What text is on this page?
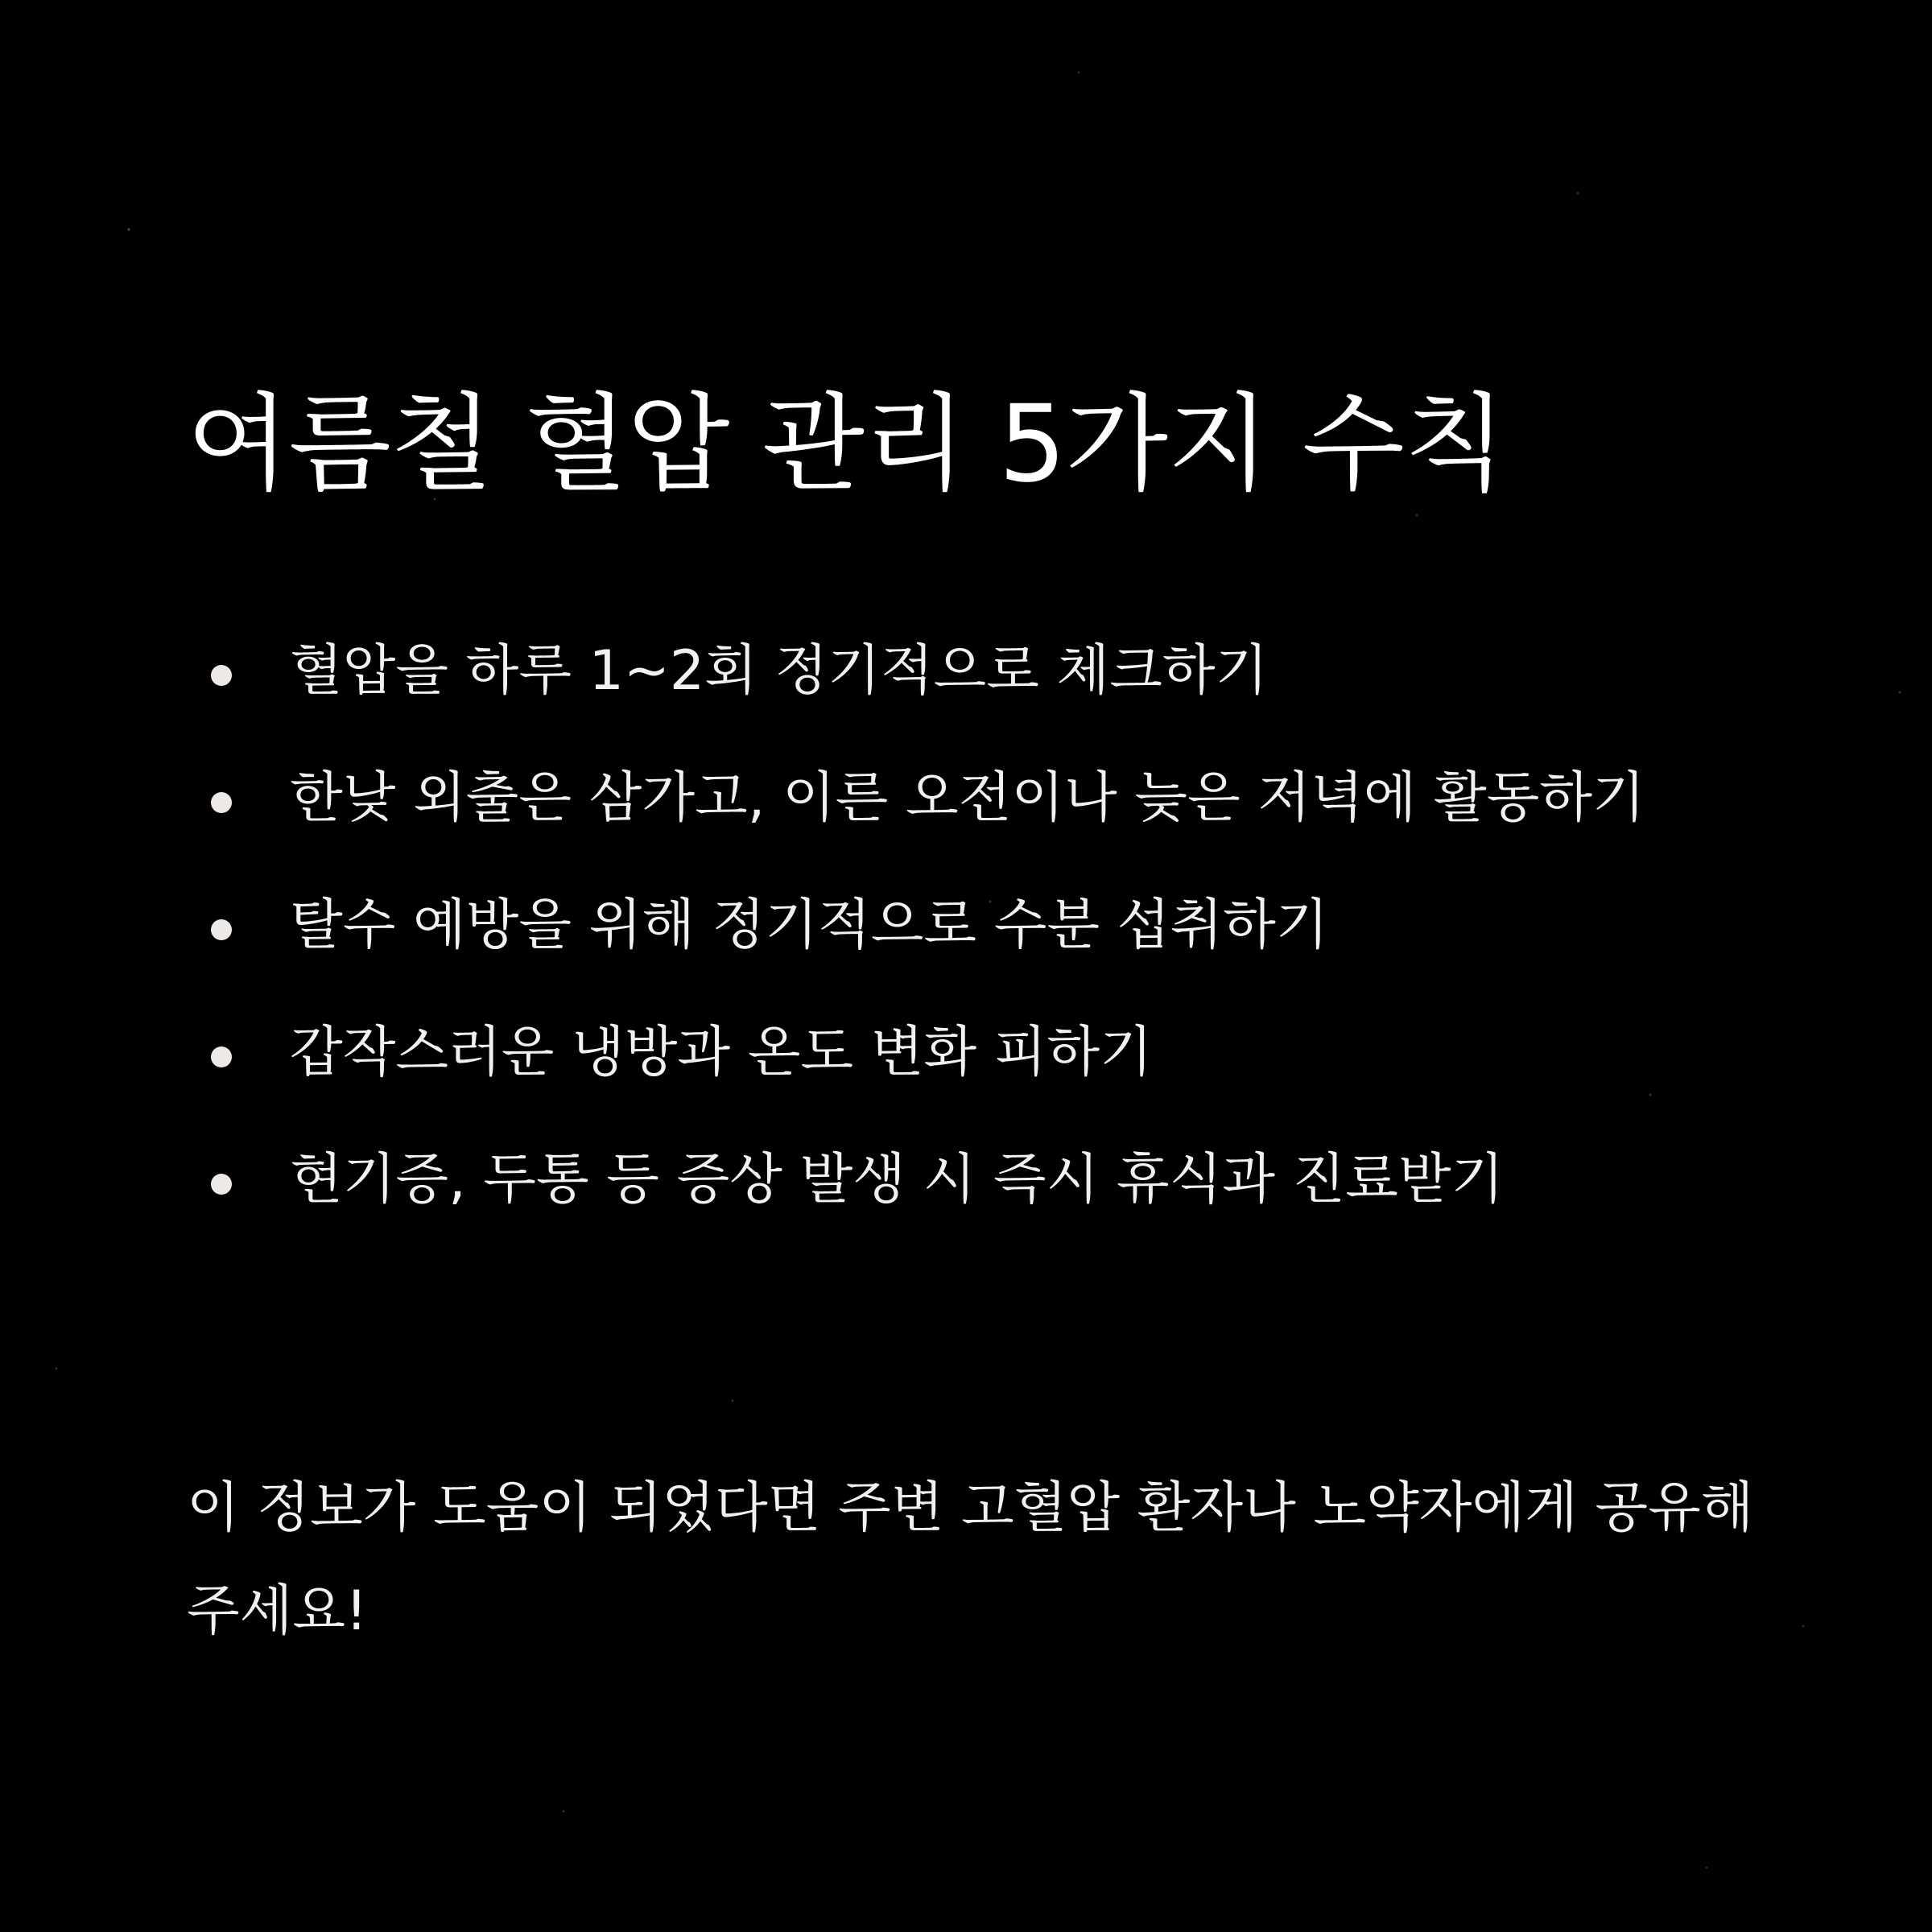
여름철 혈압 관리 5가지 수칙
혈압을 하루 1~2회 정기적으로 체크하기
한낮 외출은 삼가고, 이른 오전이나 늦은 저녁에 활동하기
탈수 예방을 위해 정기적으로 수분 섭취하기
갑작스러운 냉방과 온도 변화 피하기
현기증, 두통 등 증상 발생 시 즉시 휴식과 진료받기

이 정보가 도움이 되었다면 주변 고혈압 환자나 노약자에게 공유해 주세요!
